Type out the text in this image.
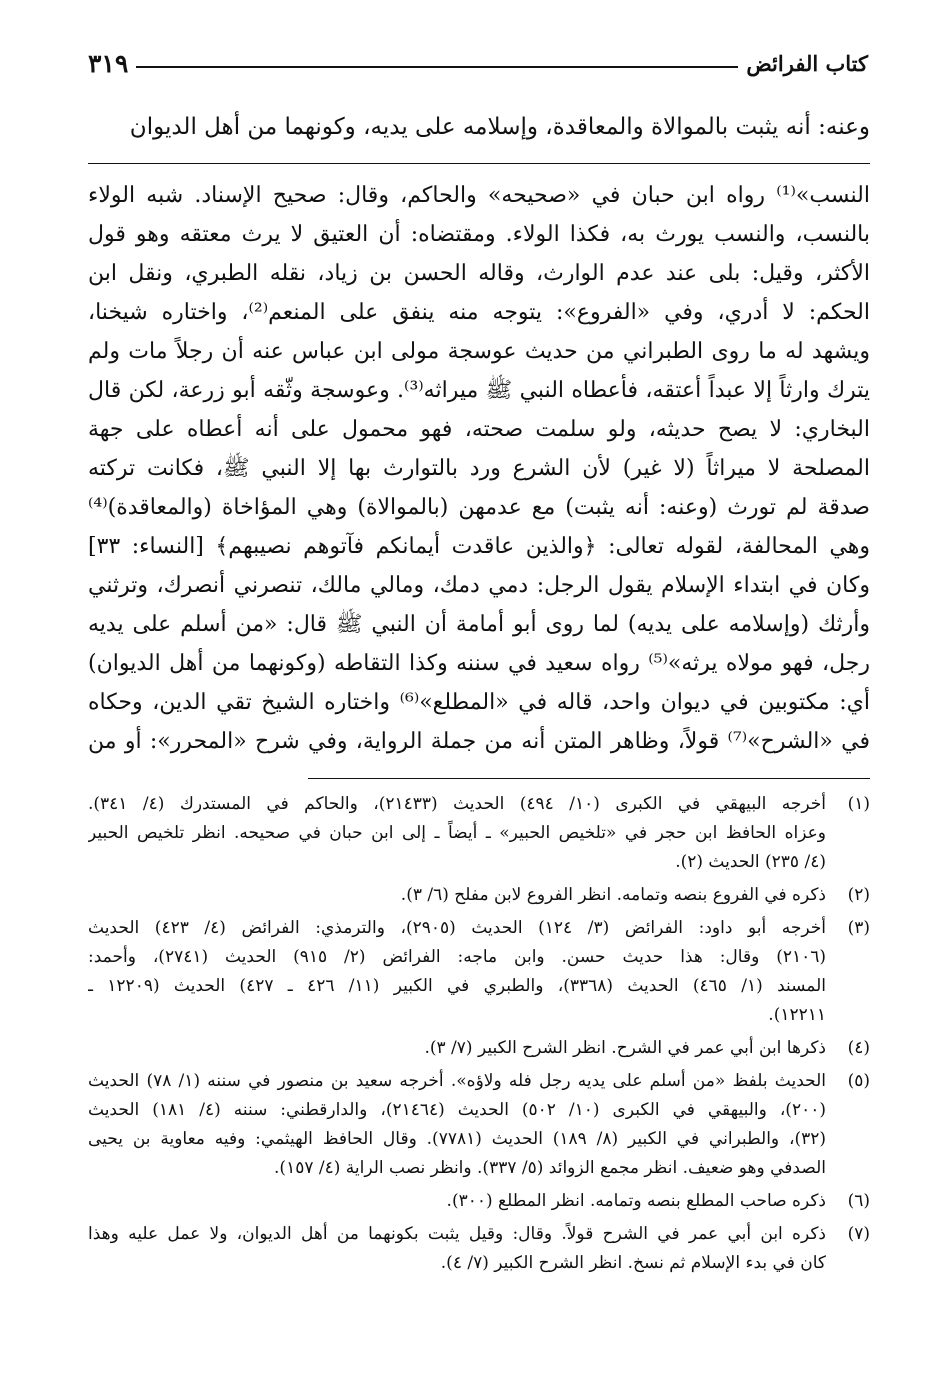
كتاب الفرائض
٣١٩
وعنه: أنه يثبت بالموالاة والمعاقدة، وإسلامه على يديه، وكونهما من أهل الديوان
النسب»⁽¹⁾ رواه ابن حبان في «صحيحه» والحاكم، وقال: صحيح الإسناد. شبه الولاء
بالنسب، والنسب يورث به، فكذا الولاء. ومقتضاه: أن العتيق لا يرث معتقه وهو قول
الأكثر، وقيل: بلى عند عدم الوارث، وقاله الحسن بن زياد، نقله الطبري، ونقل ابن
الحكم: لا أدري، وفي «الفروع»: يتوجه منه ينفق على المنعم⁽²⁾، واختاره شيخنا،
ويشهد له ما روى الطبراني من حديث عوسجة مولى ابن عباس عنه أن رجلاً مات ولم
يترك وارثاً إلا عبداً أعتقه، فأعطاه النبي ﷺ ميراثه⁽³⁾. وعوسجة وثّقه أبو زرعة، لكن قال
البخاري: لا يصح حديثه، ولو سلمت صحته، فهو محمول على أنه أعطاه على جهة
المصلحة لا ميراثاً (لا غير) لأن الشرع ورد بالتوارث بها إلا النبي ﷺ، فكانت تركته
صدقة لم تورث (وعنه: أنه يثبت) مع عدمهن (بالموالاة) وهي المؤاخاة (والمعاقدة)⁽⁴⁾
وهي المحالفة، لقوله تعالى: ﴿والذين عاقدت أيمانكم فآتوهم نصيبهم﴾ [النساء: ٣٣]
وكان في ابتداء الإسلام يقول الرجل: دمي دمك، ومالي مالك، تنصرني أنصرك، وترثني
وأرثك (وإسلامه على يديه) لما روى أبو أمامة أن النبي ﷺ قال: «من أسلم على يديه
رجل، فهو مولاه يرثه»⁽⁵⁾ رواه سعيد في سننه وكذا التقاطه (وكونهما من أهل الديوان)
أي: مكتوبين في ديوان واحد، قاله في «المطلع»⁽⁶⁾ واختاره الشيخ تقي الدين، وحكاه
في «الشرح»⁽⁷⁾ قولاً، وظاهر المتن أنه من جملة الرواية، وفي شرح «المحرر»: أو من
(١)
أخرجه البيهقي في الكبرى (١٠/ ٤٩٤) الحديث (٢١٤٣٣)، والحاكم في المستدرك (٤/ ٣٤١).
وعزاه الحافظ ابن حجر في «تلخيص الحبير» ـ أيضاً ـ إلى ابن حبان في صحيحه. انظر تلخيص الحبير
(٤/ ٢٣٥) الحديث (٢).
(٢)
ذكره في الفروع بنصه وتمامه. انظر الفروع لابن مفلح (٦/ ٣).
(٣)
أخرجه أبو داود: الفرائض (٣/ ١٢٤) الحديث (٢٩٠٥)، والترمذي: الفرائض (٤/ ٤٢٣) الحديث
(٢١٠٦) وقال: هذا حديث حسن. وابن ماجه: الفرائض (٢/ ٩١٥) الحديث (٢٧٤١)، وأحمد:
المسند (١/ ٤٦٥) الحديث (٣٣٦٨)، والطبري في الكبير (١١/ ٤٢٦ ـ ٤٢٧) الحديث (١٢٢٠٩ ـ
١٢٢١١).
(٤)
ذكرها ابن أبي عمر في الشرح. انظر الشرح الكبير (٧/ ٣).
(٥)
الحديث بلفظ «من أسلم على يديه رجل فله ولاؤه». أخرجه سعيد بن منصور في سننه (١/ ٧٨) الحديث
(٢٠٠)، والبيهقي في الكبرى (١٠/ ٥٠٢) الحديث (٢١٤٦٤)، والدارقطني: سننه (٤/ ١٨١) الحديث
(٣٢)، والطبراني في الكبير (٨/ ١٨٩) الحديث (٧٧٨١). وقال الحافظ الهيثمي: وفيه معاوية بن يحيى
الصدفي وهو ضعيف. انظر مجمع الزوائد (٥/ ٣٣٧). وانظر نصب الراية (٤/ ١٥٧).
(٦)
ذكره صاحب المطلع بنصه وتمامه. انظر المطلع (٣٠٠).
(٧)
ذكره ابن أبي عمر في الشرح قولاً. وقال: وقيل يثبت بكونهما من أهل الديوان، ولا عمل عليه وهذا
كان في بدء الإسلام ثم نسخ. انظر الشرح الكبير (٧/ ٤).
